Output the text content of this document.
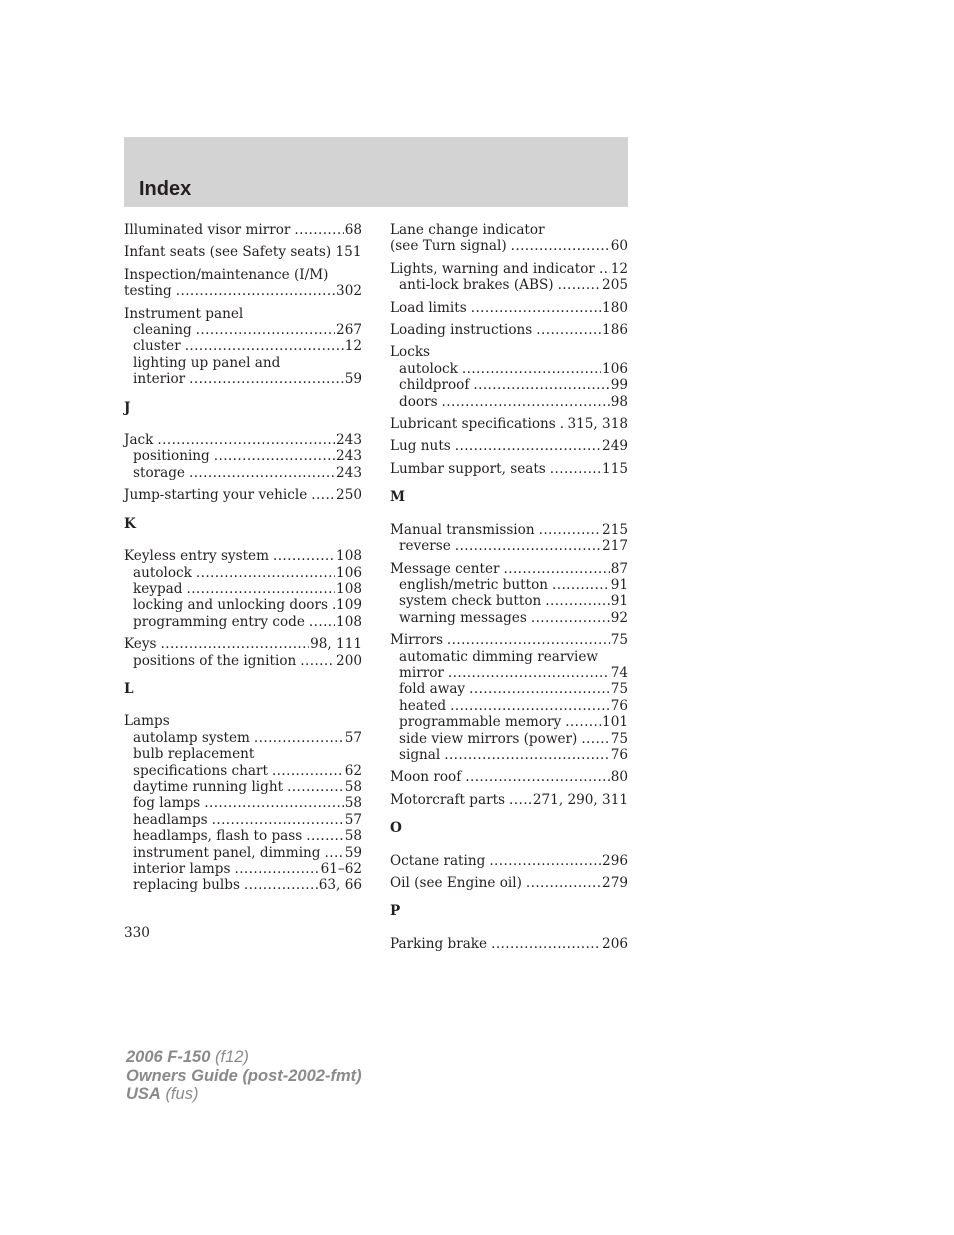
Index
Illuminated visor mirror .....	68
Infant seats (see Safety seats) 151
Inspection/maintenance (I/M)
testing .....	302
Instrument panel
cleaning .....	267
cluster .....	12
lighting up panel and
interior .....	59
J
Jack .....	243
positioning .....	243
storage .....	243
Jump-starting your vehicle ..... 250
K
Keyless entry system .....	108
autolock .....	106
keypad .....	108
locking and unlocking doors ..... 109
programming entry code ..... 108
Keys .....	98, 111
positions of the ignition .....	200
L
Lamps
autolamp system .....	57
bulb replacement
specifications chart .....	62
daytime running light .....	58
fog lamps .....	58
headlamps .....	57
headlamps, flash to pass .....	58
instrument panel, dimming ..... 59
interior lamps .....	61–62
replacing bulbs .....	63, 66
Lane change indicator
(see Turn signal) .....	60
Lights, warning and indicator ..... 12
anti-lock brakes (ABS) .....	205
Load limits .....	180
Loading instructions .....	186
Locks
autolock .....	106
childproof .....	99
doors .....	98
Lubricant specifications ..... 315, 318
Lug nuts .....	249
Lumbar support, seats .....	115
M
Manual transmission .....	215
reverse .....	217
Message center .....	87
english/metric button .....	91
system check button .....	91
warning messages .....	92
Mirrors .....	75
automatic dimming rearview
mirror .....	74
fold away .....	75
heated .....	76
programmable memory .....	101
side view mirrors (power) ..... 75
signal .....	76
Moon roof .....	80
Motorcraft parts ..... 271, 290, 311
O
Octane rating .....	296
Oil (see Engine oil) .....	279
P
Parking brake .....	206
330
2006 F-150 (f12)
Owners Guide (post-2002-fmt)
USA (fus)
